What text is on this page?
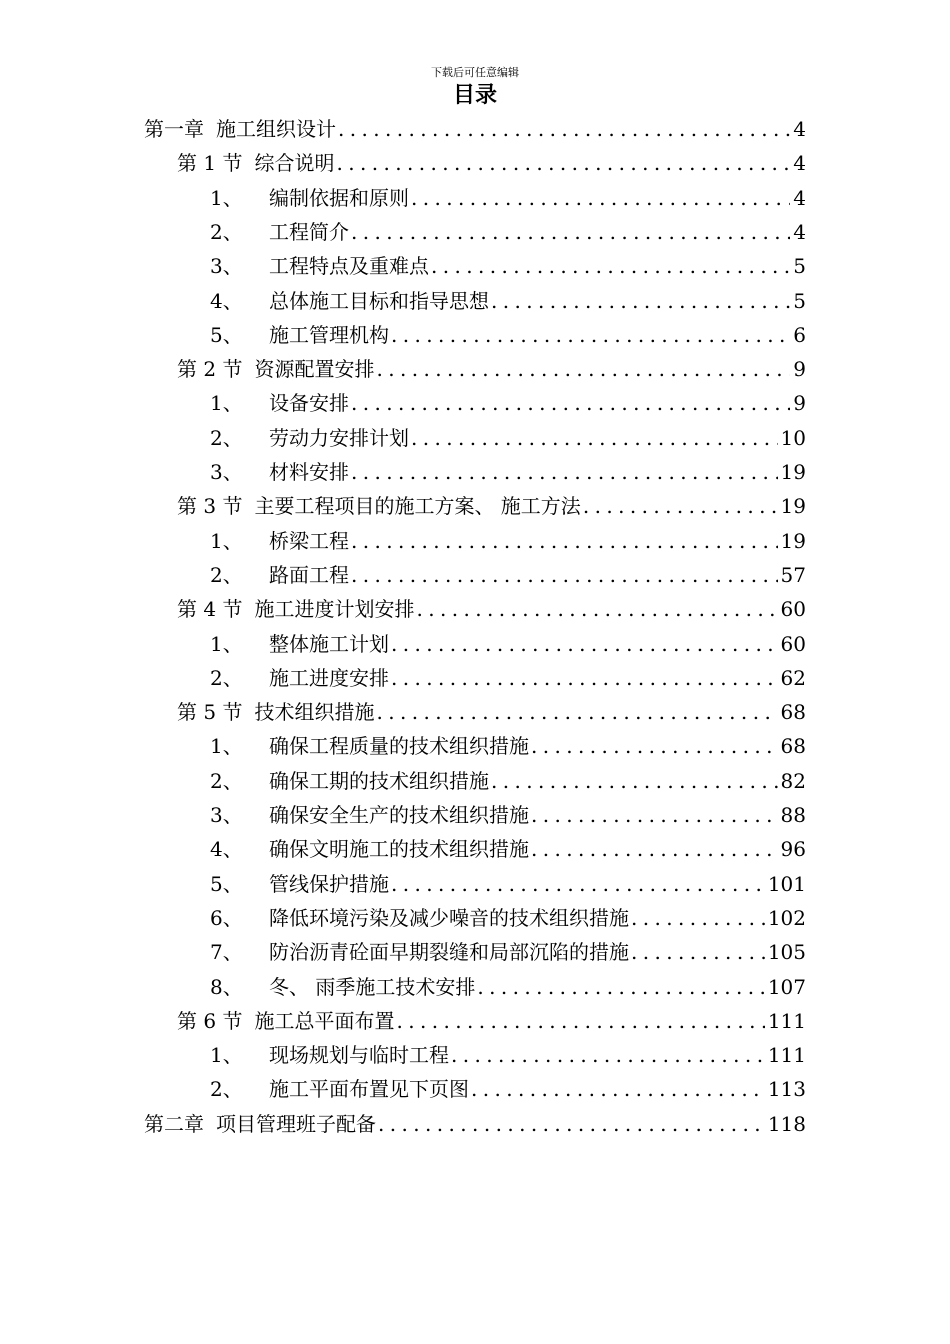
下载后可任意编辑
目录
第一章 施工组织设计 .....	4
第 1 节 综合说明 .....	4
1、	编制依据和原则 .....	4
2、	工程简介 .....	4
3、	工程特点及重难点 .....	5
4、	总体施工目标和指导思想 .....	5
5、	施工管理机构 .....	6
第 2 节 资源配置安排 .....	9
1、	设备安排 .....	9
2、	劳动力安排计划 .....	10
3、	材料安排 .....	19
第 3 节 主要工程项目的施工方案、 施工方法 .....	19
1、	桥梁工程 .....	19
2、	路面工程 .....	57
第 4 节 施工进度计划安排 .....	60
1、	整体施工计划 .....	60
2、	施工进度安排 .....	62
第 5 节 技术组织措施 .....	68
1、	确保工程质量的技术组织措施 .....	68
2、	确保工期的技术组织措施 .....	82
3、	确保安全生产的技术组织措施 .....	88
4、	确保文明施工的技术组织措施 .....	96
5、	管线保护措施 .....	101
6、	降低环境污染及减少噪音的技术组织措施 .....	102
7、	防治沥青砼面早期裂缝和局部沉陷的措施 .....	105
8、	冬、 雨季施工技术安排 .....	107
第 6 节 施工总平面布置 .....	111
1、	现场规划与临时工程 .....	111
2、	施工平面布置见下页图 .....	113
第二章 项目管理班子配备 .....	118
